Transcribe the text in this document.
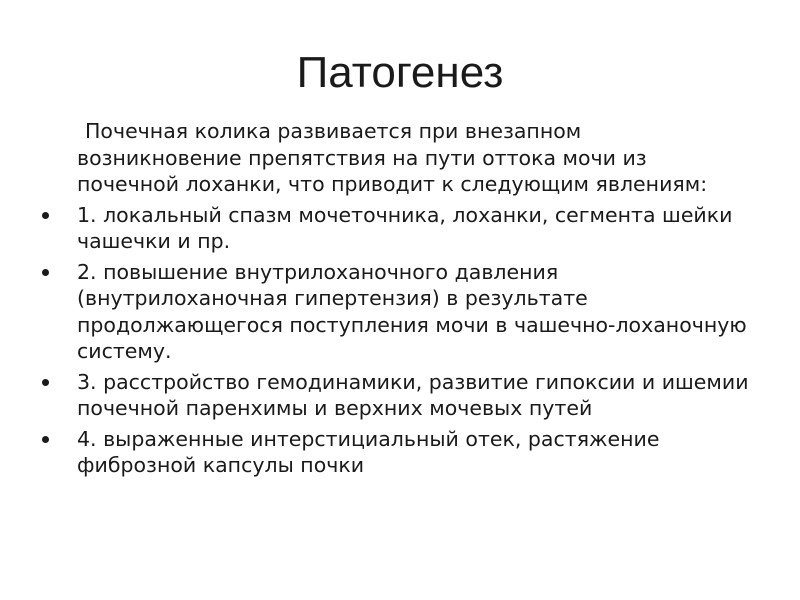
Патогенез

Почечная колика развивается при внезапном возникновение препятствия на пути оттока мочи из почечной лоханки, что приводит к следующим явлениям:

1. локальный спазм мочеточника, лоханки, сегмента шейки чашечки и пр.
2. повышение внутрилоханочного давления (внутрилоханочная гипертензия) в результате продолжающегося поступления мочи в чашечно-лоханочную систему.
3. расстройство гемодинамики, развитие гипоксии и ишемии почечной паренхимы и верхних мочевых путей
4. выраженные интерстициальный отек, растяжение фиброзной капсулы почки
